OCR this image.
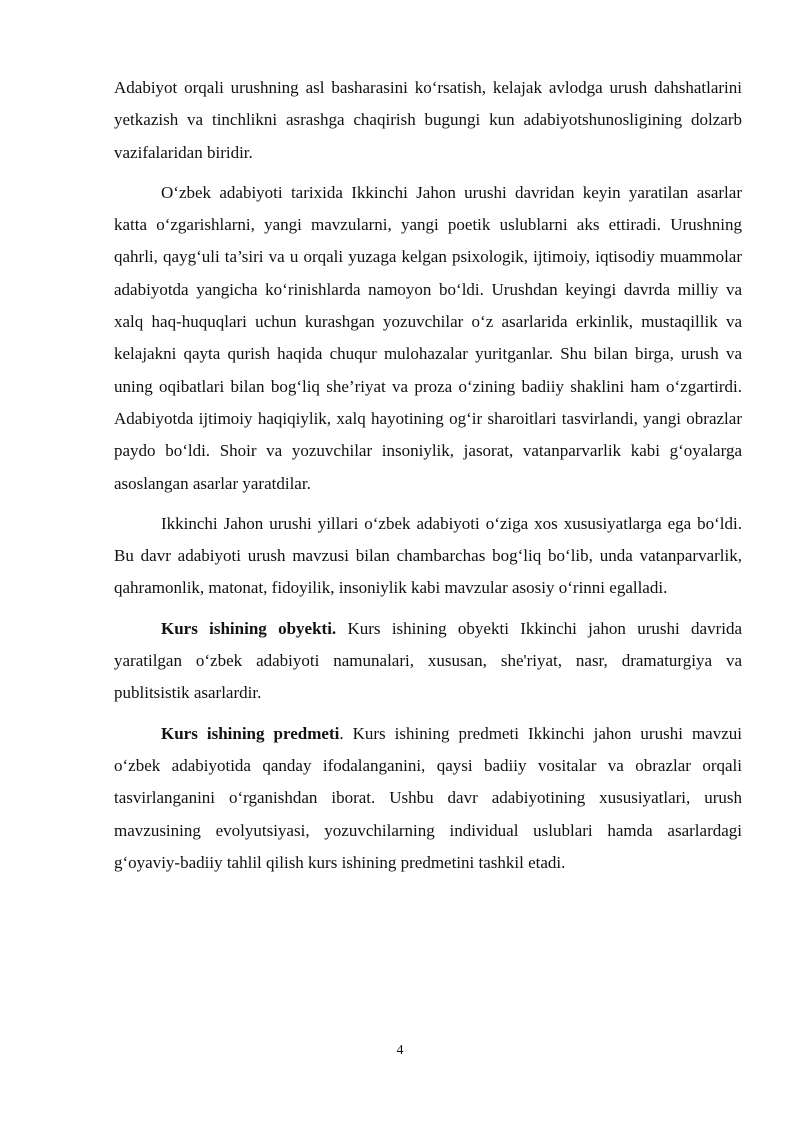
Adabiyot orqali urushning asl basharasini ko‘rsatish, kelajak avlodga urush dahshatlarini yetkazish va tinchlikni asrashga chaqirish bugungi kun adabiyotshunosligining dolzarb vazifalaridan biridir.

O‘zbek adabiyoti tarixida Ikkinchi Jahon urushi davridan keyin yaratilan asarlar katta o‘zgarishlarni, yangi mavzularni, yangi poetik uslublarni aks ettiradi. Urushning qahrli, qayg‘uli ta’siri va u orqali yuzaga kelgan psixologik, ijtimoiy, iqtisodiy muammolar adabiyotda yangicha ko‘rinishlarda namoyon bo‘ldi. Urushdan keyingi davrda milliy va xalq haq-huquqlari uchun kurashgan yozuvchilar o‘z asarlarida erkinlik, mustaqillik va kelajakni qayta qurish haqida chuqur mulohazalar yuritganlar. Shu bilan birga, urush va uning oqibatlari bilan bog‘liq she’riyat va proza o‘zining badiiy shaklini ham o‘zgartirdi. Adabiyotda ijtimoiy haqiqiylik, xalq hayotining og‘ir sharoitlari tasvirlandi, yangi obrazlar paydo bo‘ldi. Shoir va yozuvchilar insoniylik, jasorat, vatanparvarlik kabi g‘oyalarga asoslangan asarlar yaratdilar.

Ikkinchi Jahon urushi yillari o‘zbek adabiyoti o‘ziga xos xususiyatlarga ega bo‘ldi. Bu davr adabiyoti urush mavzusi bilan chambarchas bog‘liq bo‘lib, unda vatanparvarlik, qahramonlik, matonat, fidoyilik, insoniylik kabi mavzular asosiy o‘rinni egalladi.

Kurs ishining obyekti. Kurs ishining obyekti Ikkinchi jahon urushi davrida yaratilgan o‘zbek adabiyoti namunalari, xususan, she'riyat, nasr, dramaturgiya va publitsistik asarlardir.

Kurs ishining predmeti. Kurs ishining predmeti Ikkinchi jahon urushi mavzui o‘zbek adabiyotida qanday ifodalanganini, qaysi badiiy vositalar va obrazlar orqali tasvirlanganini o‘rganishdan iborat. Ushbu davr adabiyotining xususiyatlari, urush mavzusining evolyutsiyasi, yozuvchilarning individual uslublari hamda asarlardagi g‘oyaviy-badiiy tahlil qilish kurs ishining predmetini tashkil etadi.

4
